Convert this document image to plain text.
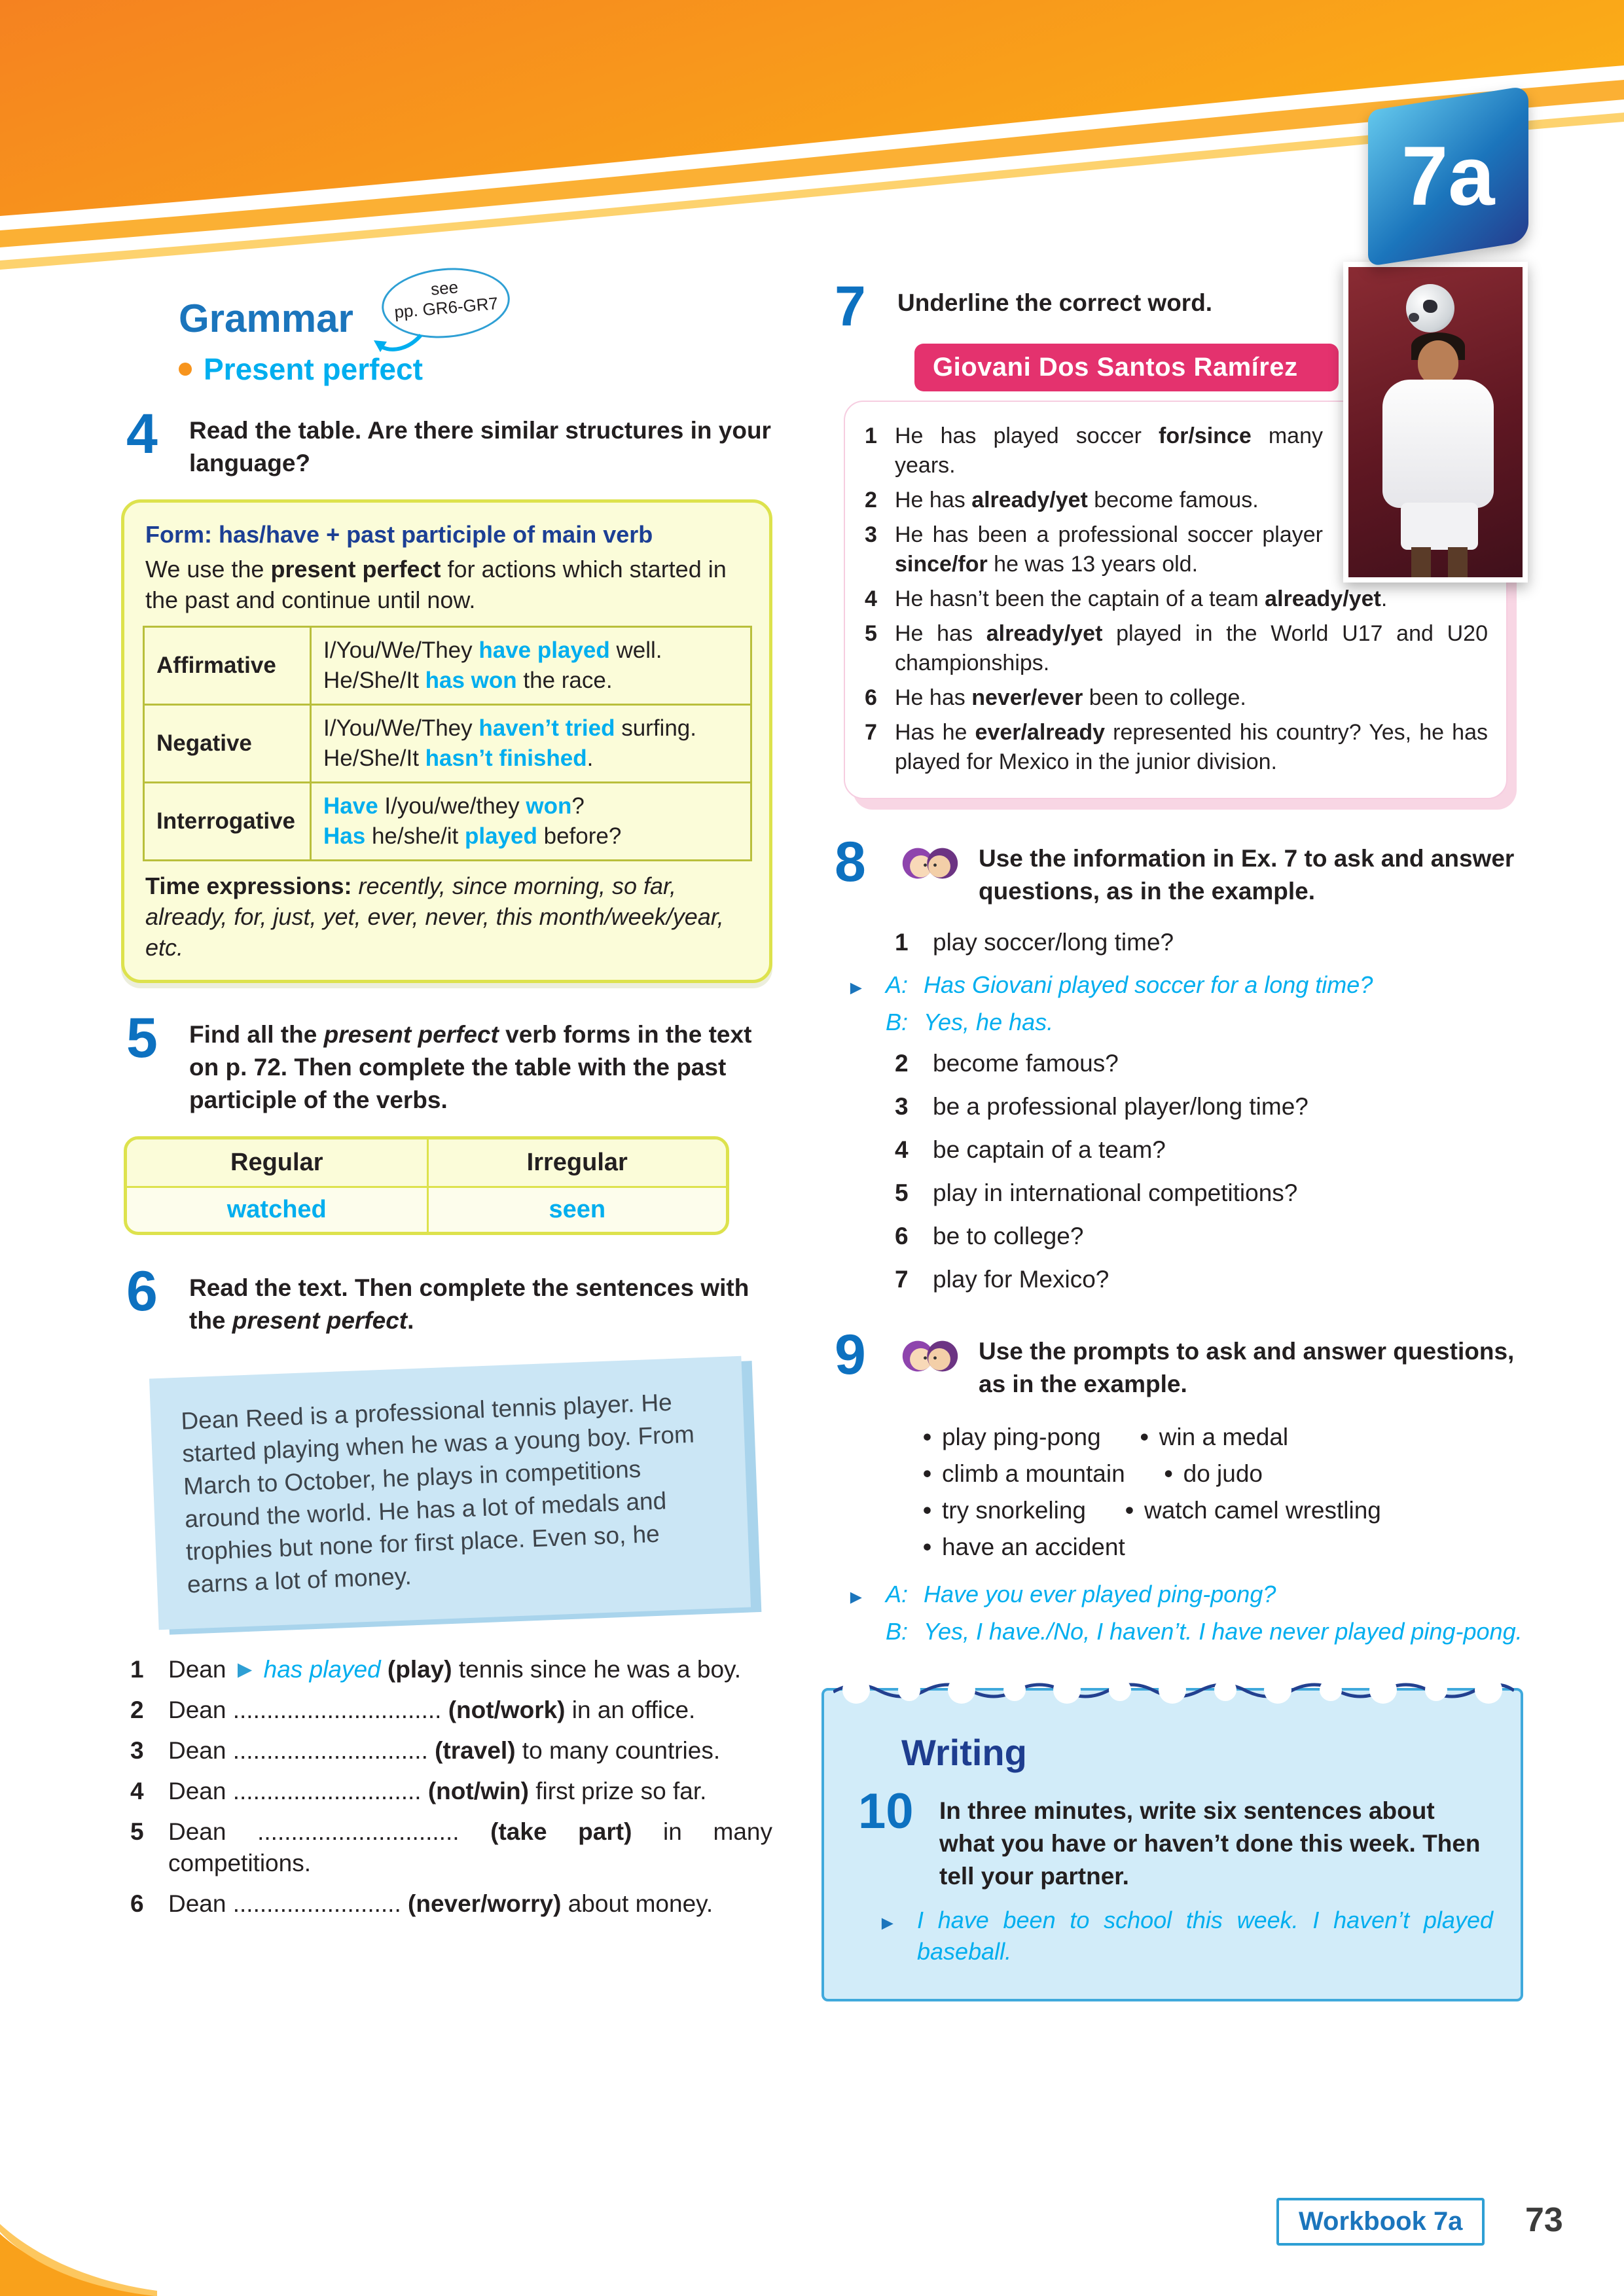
7a
Grammar
see
pp. GR6-GR7
Present perfect
4	Read the table. Are there similar structures in your language?
Form: has/have + past participle of main verb
We use the present perfect for actions which started in the past and continue until now.
Affirmative	I/You/We/They have played well.
He/She/It has won the race.

Negative	I/You/We/They haven’t tried surfing.
He/She/It hasn’t finished.

Interrogative	Have I/you/we/they won?
Has he/she/it played before?
Time expressions: recently, since morning, so far, already, for, just, yet, ever, never, this month/week/year, etc.
5	Find all the present perfect verb forms in the text on p. 72. Then complete the table with the past participle of the verbs.
Regular	Irregular
watched	seen
6	Read the text. Then complete the sentences with the present perfect.

Dean Reed is a professional tennis player. He started playing when he was a young boy. From March to October, he plays in competitions around the world. He has a lot of medals and trophies but none for first place. Even so, he earns a lot of money.

1	Dean ► has played (play) tennis since he was a boy.
2	Dean ............................... (not/work) in an office.
3	Dean ............................. (travel) to many countries.
4	Dean ............................ (not/win) first prize so far.
5	Dean .............................. (take part) in many competitions.
6	Dean ......................... (never/worry) about money.
7	Underline the correct word.
Giovani Dos Santos Ramírez
1 He has played soccer for/since many years.
2 He has already/yet become famous.
3 He has been a professional soccer player since/for he was 13 years old.
4 He hasn’t been the captain of a team already/yet.
5 He has already/yet played in the World U17 and U20 championships.
6 He has never/ever been to college.
7 Has he ever/already represented his country? Yes, he has played for Mexico in the junior division.
8	Use the information in Ex. 7 to ask and answer questions, as in the example.
1	play soccer/long time?
► A: Has Giovani played soccer for a long time?
B: Yes, he has.
2	become famous?
3	be a professional player/long time?
4	be captain of a team?
5	play in international competitions?
6	be to college?
7	play for Mexico?
9	Use the prompts to ask and answer questions, as in the example.
• play ping-pong • win a medal
• climb a mountain • do judo
• try snorkeling • watch camel wrestling
• have an accident
► A: Have you ever played ping-pong?
B: Yes, I have./No, I haven’t. I have never played ping-pong.
Writing
10	In three minutes, write six sentences about what you have or haven’t done this week. Then tell your partner.
► I have been to school this week. I haven’t played baseball.
Workbook 7a	73
